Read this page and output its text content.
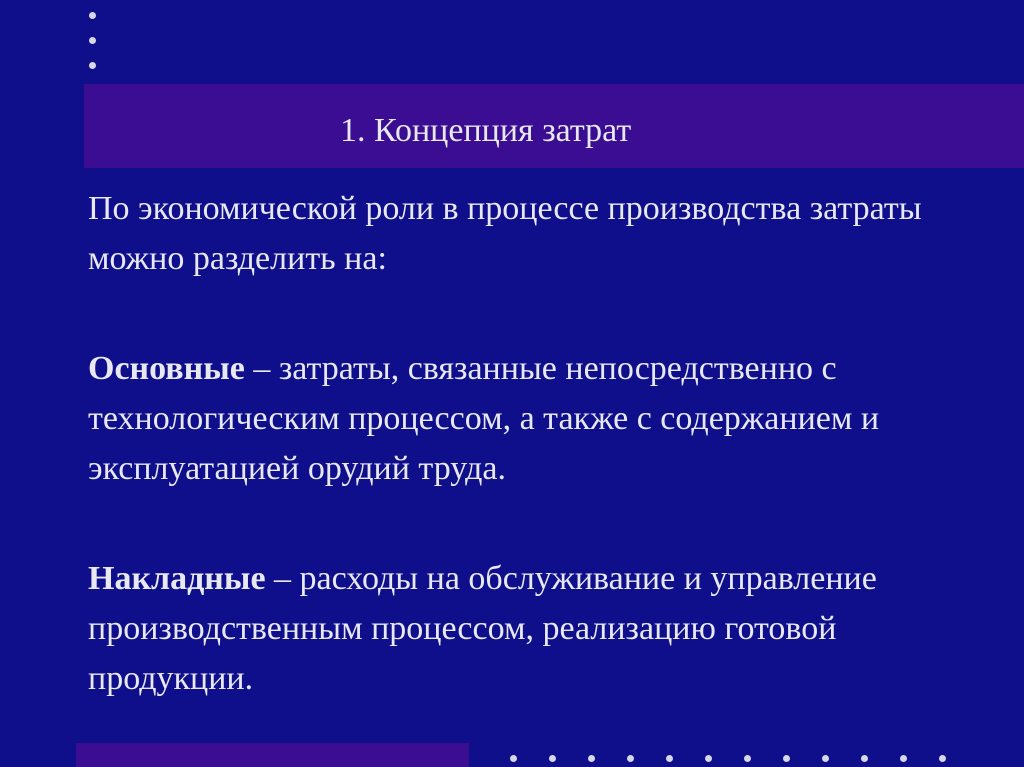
1. Концепция затрат
По экономической роли в процессе производства затраты можно разделить на:
Основные – затраты, связанные непосредственно с технологическим процессом, а также с содержанием и эксплуатацией орудий труда.
Накладные – расходы на обслуживание и управление производственным процессом, реализацию готовой продукции.
